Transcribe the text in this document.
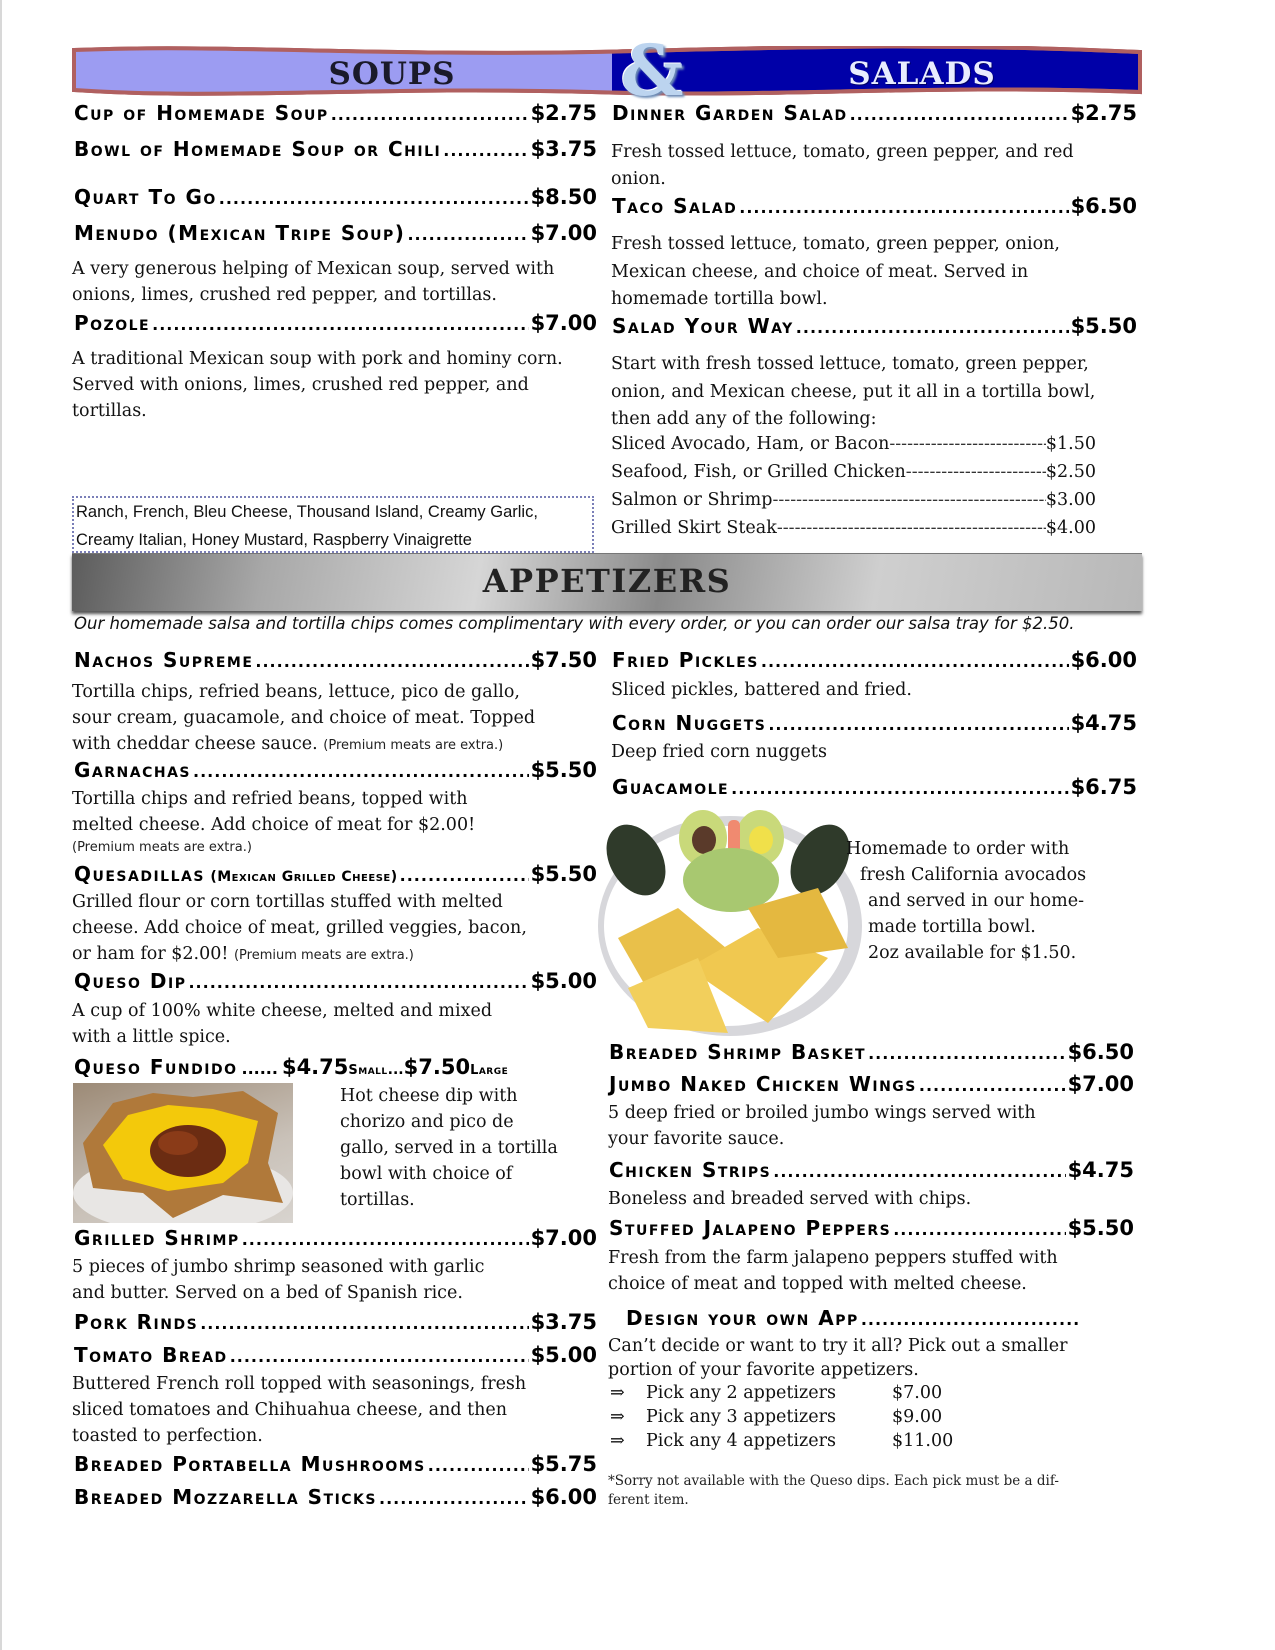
SOUPS	&	SALADS
Cup of Homemade Soup .....	$2.75
Bowl of Homemade Soup or Chili .....	$3.75
Quart To Go .....	$8.50
Menudo (Mexican Tripe Soup) .....	$7.00
A very generous helping of Mexican soup, served with onions, limes, crushed red pepper, and tortillas.
Pozole .....	$7.00
A traditional Mexican soup with pork and hominy corn. Served with onions, limes, crushed red pepper, and tortillas.
Ranch, French, Bleu Cheese, Thousand Island, Creamy Garlic,
Creamy Italian, Honey Mustard, Raspberry Vinaigrette
Dinner Garden Salad .....	$2.75
Fresh tossed lettuce, tomato, green pepper, and red onion.
Taco Salad .....	$6.50
Fresh tossed lettuce, tomato, green pepper, onion, Mexican cheese, and choice of meat. Served in homemade tortilla bowl.
Salad Your Way .....	$5.50
Start with fresh tossed lettuce, tomato, green pepper, onion, and Mexican cheese, put it all in a tortilla bowl, then add any of the following:
Sliced Avocado, Ham, or Bacon -----	$1.50
Seafood, Fish, or Grilled Chicken -----	$2.50
Salmon or Shrimp -----	$3.00
Grilled Skirt Steak -----	$4.00
APPETIZERS
Our homemade salsa and tortilla chips comes complimentary with every order, or you can order our salsa tray for $2.50.
Nachos Supreme .....	$7.50
Tortilla chips, refried beans, lettuce, pico de gallo,
sour cream, guacamole, and choice of meat. Topped
with cheddar cheese sauce. (Premium meats are extra.)
Garnachas .....	$5.50
Tortilla chips and refried beans, topped with
melted cheese. Add choice of meat for $2.00!
(Premium meats are extra.)
Quesadillas (Mexican Grilled Cheese) .....	$5.50
Grilled flour or corn tortillas stuffed with melted
cheese. Add choice of meat, grilled veggies, bacon,
or ham for $2.00! (Premium meats are extra.)
Queso Dip .....	$5.00
A cup of 100% white cheese, melted and mixed
with a little spice.
Queso Fundido ...... $4.75 Small ... $7.50 Large
Hot cheese dip with
chorizo and pico de
gallo, served in a tortilla
bowl with choice of
tortillas.
Grilled Shrimp .....	$7.00
5 pieces of jumbo shrimp seasoned with garlic
and butter. Served on a bed of Spanish rice.
Pork Rinds .....	$3.75
Tomato Bread .....	$5.00
Buttered French roll topped with seasonings, fresh
sliced tomatoes and Chihuahua cheese, and then
toasted to perfection.
Breaded Portabella Mushrooms .....	$5.75
Breaded Mozzarella Sticks .....	$6.00
Fried Pickles .....	$6.00
Sliced pickles, battered and fried.
Corn Nuggets .....	$4.75
Deep fried corn nuggets
Guacamole .....	$6.75
Homemade to order with
fresh California avocados
and served in our home-
made tortilla bowl.
2oz available for $1.50.
Breaded Shrimp Basket .....	$6.50
Jumbo Naked Chicken Wings .....	$7.00
5 deep fried or broiled jumbo wings served with
your favorite sauce.
Chicken Strips .....	$4.75
Boneless and breaded served with chips.
Stuffed Jalapeno Peppers .....	$5.50
Fresh from the farm jalapeno peppers stuffed with
choice of meat and topped with melted cheese.
Design your own App
.....
Can’t decide or want to try it all? Pick out a smaller
portion of your favorite appetizers.
⇒	Pick any 2 appetizers	$7.00
⇒	Pick any 3 appetizers	$9.00
⇒	Pick any 4 appetizers	$11.00
*Sorry not available with the Queso dips. Each pick must be a dif-
ferent item.
